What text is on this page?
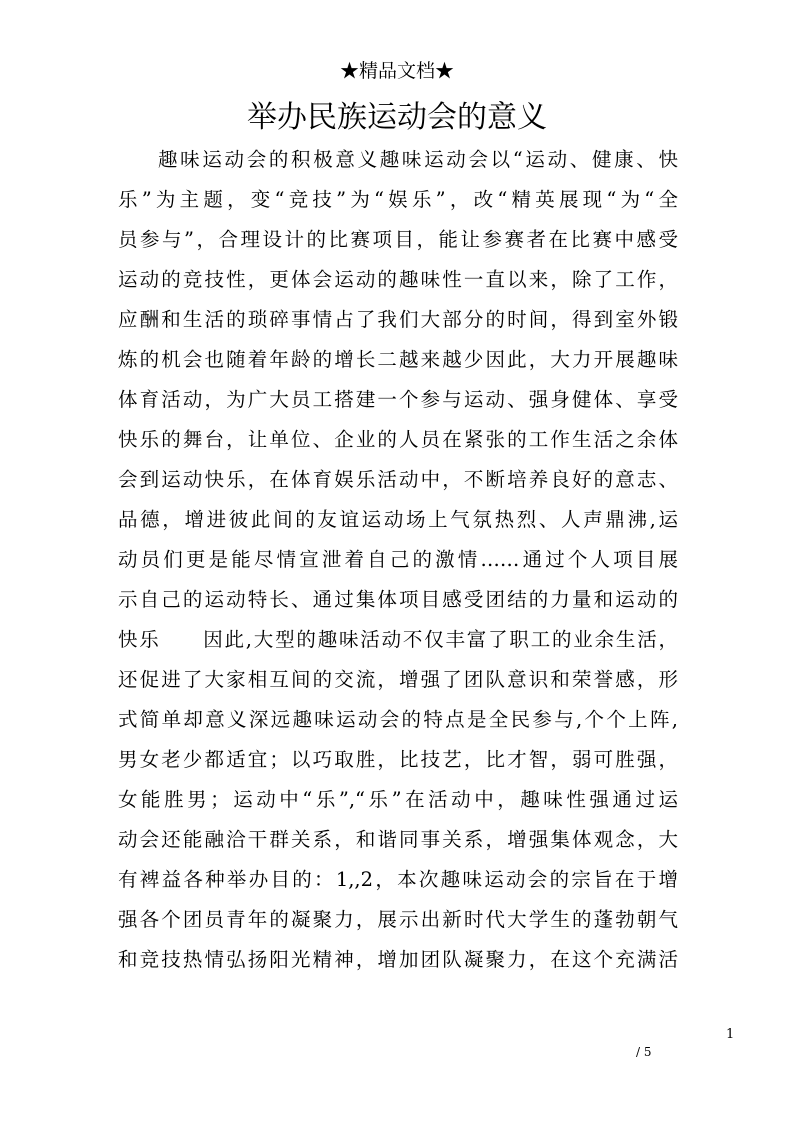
★精品文档★
举办民族运动会的意义
趣味运动会的积极意义趣味运动会以“运动、健康、快
乐”为主题，变“竞技”为“娱乐”，改“精英展现“为“全
员参与”，合理设计的比赛项目，能让参赛者在比赛中感受
运动的竞技性，更体会运动的趣味性一直以来，除了工作，
应酬和生活的琐碎事情占了我们大部分的时间，得到室外锻
炼的机会也随着年龄的增长二越来越少因此，大力开展趣味
体育活动，为广大员工搭建一个参与运动、强身健体、享受
快乐的舞台，让单位、企业的人员在紧张的工作生活之余体
会到运动快乐，在体育娱乐活动中，不断培养良好的意志、
品德，增进彼此间的友谊运动场上气氛热烈、人声鼎沸,运
动员们更是能尽情宣泄着自己的激情……通过个人项目展
示自己的运动特长、通过集体项目感受团结的力量和运动的
快乐　　因此,大型的趣味活动不仅丰富了职工的业余生活，
还促进了大家相互间的交流，增强了团队意识和荣誉感，形
式简单却意义深远趣味运动会的特点是全民参与,个个上阵,
男女老少都适宜；以巧取胜，比技艺，比才智，弱可胜强，
女能胜男；运动中“乐”,“乐”在活动中，趣味性强通过运
动会还能融洽干群关系，和谐同事关系，增强集体观念，大
有裨益各种举办目的：1,,2，本次趣味运动会的宗旨在于增
强各个团员青年的凝聚力，展示出新时代大学生的蓬勃朝气
和竞技热情弘扬阳光精神，增加团队凝聚力，在这个充满活
1
/ 5
